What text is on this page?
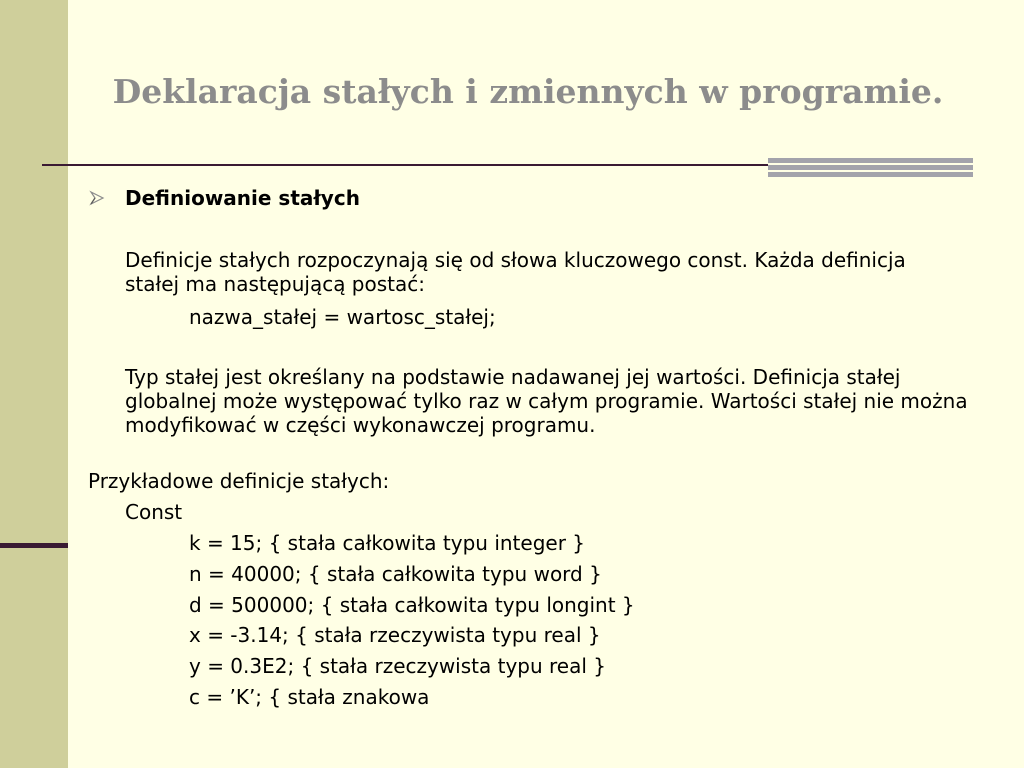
Deklaracja stałych i zmiennych w programie.

Definiowanie stałych

Definicje stałych rozpoczynają się od słowa kluczowego const. Każda definicja stałej ma następującą postać:

nazwa_stałej = wartosc_stałej;

Typ stałej jest określany na podstawie nadawanej jej wartości. Definicja stałej globalnej może występować tylko raz w całym programie. Wartości stałej nie można modyfikować w części wykonawczej programu.

Przykładowe definicje stałych:

Const

k = 15; { stała całkowita typu integer }

n = 40000; { stała całkowita typu word }

d = 500000; { stała całkowita typu longint }

x = -3.14; { stała rzeczywista typu real }

y = 0.3E2; { stała rzeczywista typu real }

c = ’K’; { stała znakowa
